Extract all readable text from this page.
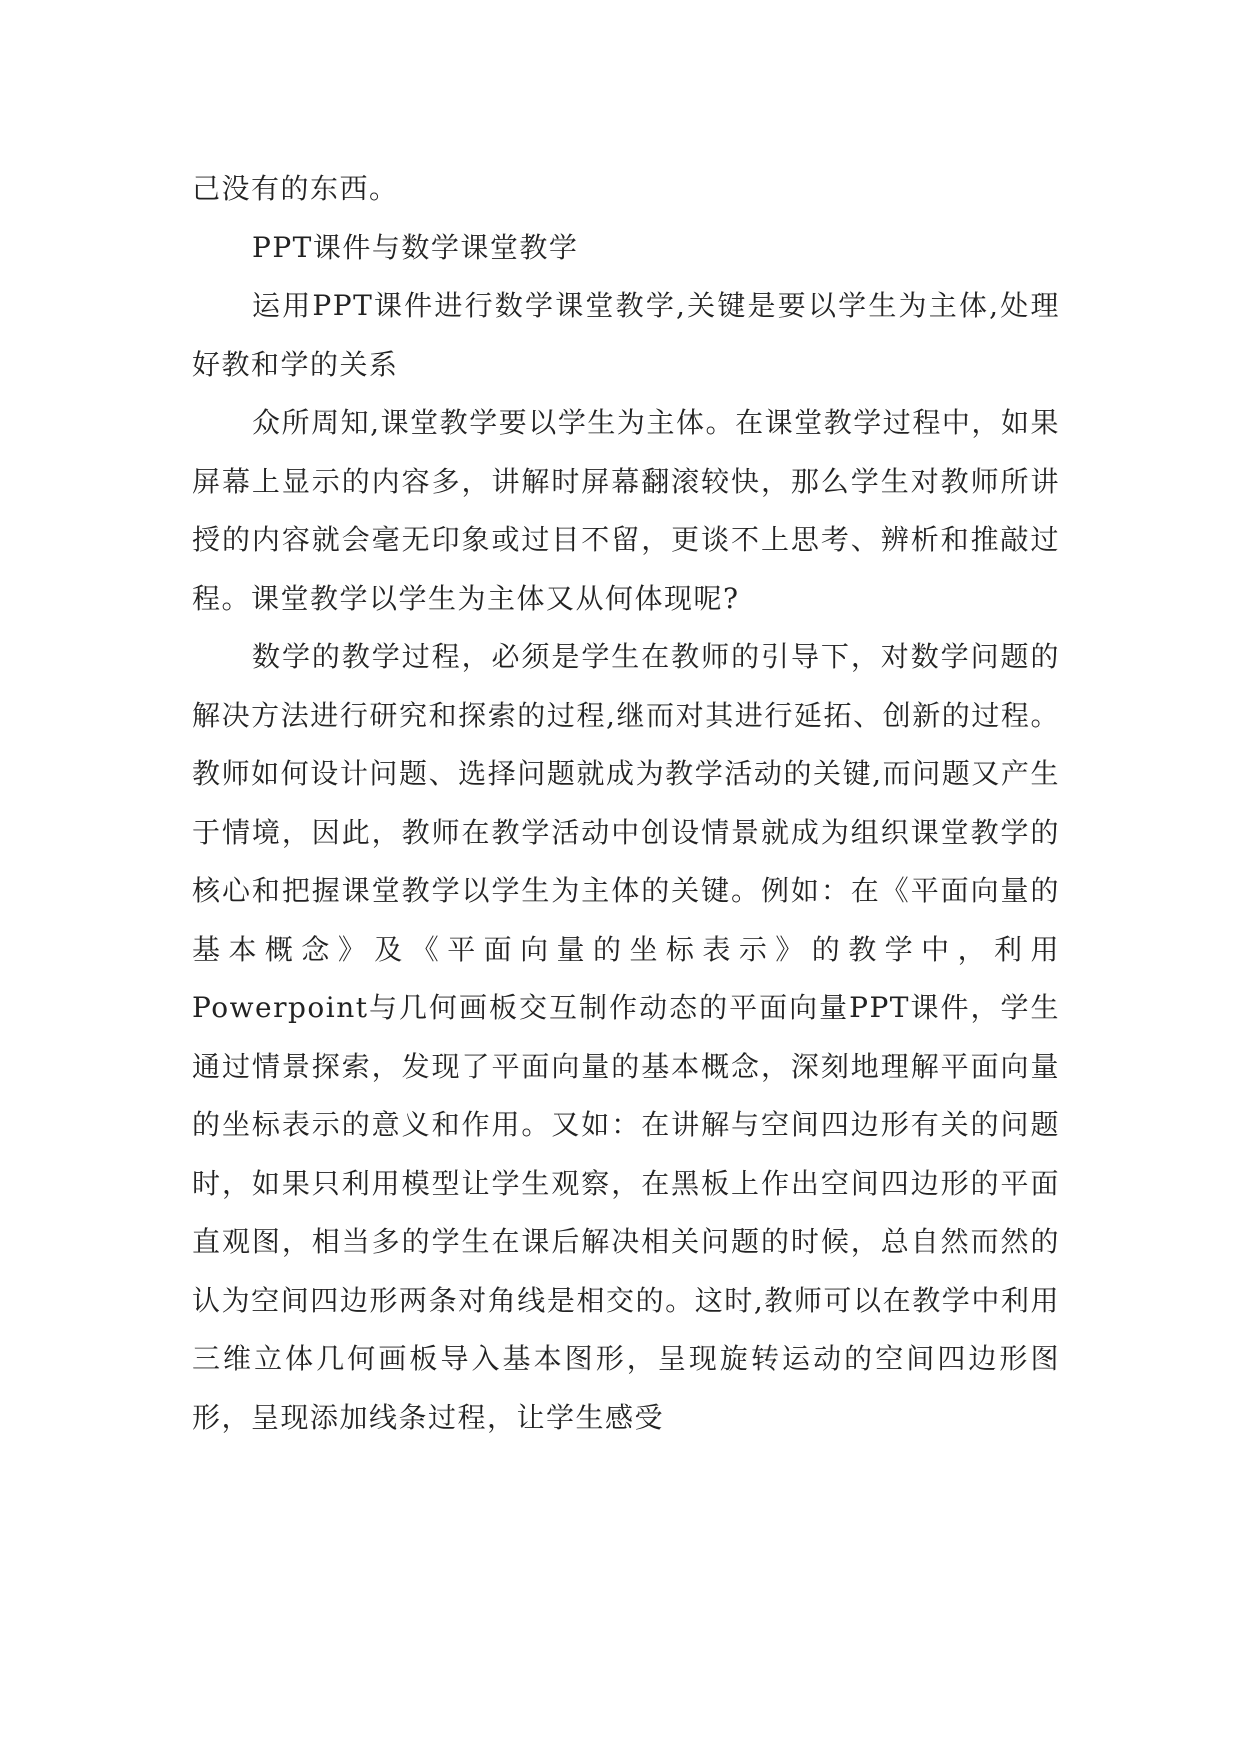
己没有的东西。

PPT课件与数学课堂教学

运用PPT课件进行数学课堂教学,关键是要以学生为主体,处理好教和学的关系

众所周知,课堂教学要以学生为主体。在课堂教学过程中，如果屏幕上显示的内容多，讲解时屏幕翻滚较快，那么学生对教师所讲授的内容就会毫无印象或过目不留，更谈不上思考、辨析和推敲过程。课堂教学以学生为主体又从何体现呢?

数学的教学过程，必须是学生在教师的引导下，对数学问题的解决方法进行研究和探索的过程,继而对其进行延拓、创新的过程。教师如何设计问题、选择问题就成为教学活动的关键,而问题又产生于情境，因此，教师在教学活动中创设情景就成为组织课堂教学的核心和把握课堂教学以学生为主体的关键。例如：在《平面向量的基本概念》及《平面向量的坐标表示》的教学中，利用Powerpoint与几何画板交互制作动态的平面向量PPT课件，学生通过情景探索，发现了平面向量的基本概念，深刻地理解平面向量的坐标表示的意义和作用。又如：在讲解与空间四边形有关的问题时，如果只利用模型让学生观察，在黑板上作出空间四边形的平面直观图，相当多的学生在课后解决相关问题的时候，总自然而然的认为空间四边形两条对角线是相交的。这时,教师可以在教学中利用三维立体几何画板导入基本图形，呈现旋转运动的空间四边形图形，呈现添加线条过程，让学生感受
